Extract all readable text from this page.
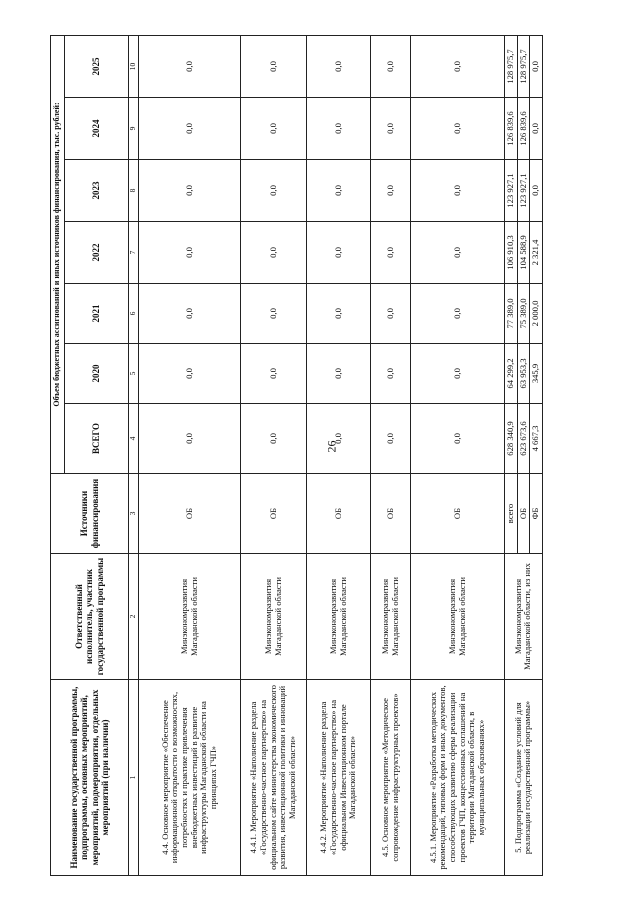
26
Наименование государственной программы, подпрограммы, основных мероприятий, мероприятий, подмероприятия, отдельных мероприятий (при наличии)	Ответственный исполнитель, участник государственной программы	Источники финансирования	Объем бюджетных ассигнований и иных источников финансирования, тыс. рублей:						
			ВСЕГО	2020	2021	2022	2023	2024	2025
1	2	3	4	5	6	7	8	9	10
4.4. Основное мероприятие «Обеспечение информационной открытости о возможностях, потребностях и практике привлечения внебюджетных инвестиций в развитие инфраструктуры Магаданской области на принципах ГЧП»	Минэкономразвития Магаданской области	ОБ	0,0	0,0	0,0	0,0	0,0	0,0	0,0
4.4.1. Мероприятие «Наполнение раздела «Государственно-частное партнерство» на официальном сайте министерства экономического развития, инвестиционной политики и инноваций Магаданской области»	Минэкономразвития Магаданской области	ОБ	0,0	0,0	0,0	0,0	0,0	0,0	0,0
4.4.2. Мероприятие «Наполнение раздела «Государственно-частное партнерство» на официальном Инвестиционном портале Магаданской области»	Минэкономразвития Магаданской области	ОБ	0,0	0,0	0,0	0,0	0,0	0,0	0,0
4.5. Основное мероприятие «Методическое сопровождение инфраструктурных проектов»	Минэкономразвития Магаданской области	ОБ	0,0	0,0	0,0	0,0	0,0	0,0	0,0
4.5.1. Мероприятие «Разработка методических рекомендаций, типовых форм и иных документов, способствующих развитию сферы реализации проектов ГЧП, концессионных соглашений на территории Магаданской области, в муниципальных образованиях»	Минэкономразвития Магаданской области	ОБ	0,0	0,0	0,0	0,0	0,0	0,0	0,0
5. Подпрограмма «Создание условий для реализации государственной программы»	Минэкономразвития Магаданской области, из них	всего	628 340,9	64 299,2	77 389,0	106 910,3	123 927,1	126 839,6	128 975,7
		ОБ	623 673,6	63 953,3	75 389,0	104 588,9	123 927,1	126 839,6	128 975,7
		ФБ	4 667,3	345,9	2 000,0	2 321,4	0,0	0,0	0,0
